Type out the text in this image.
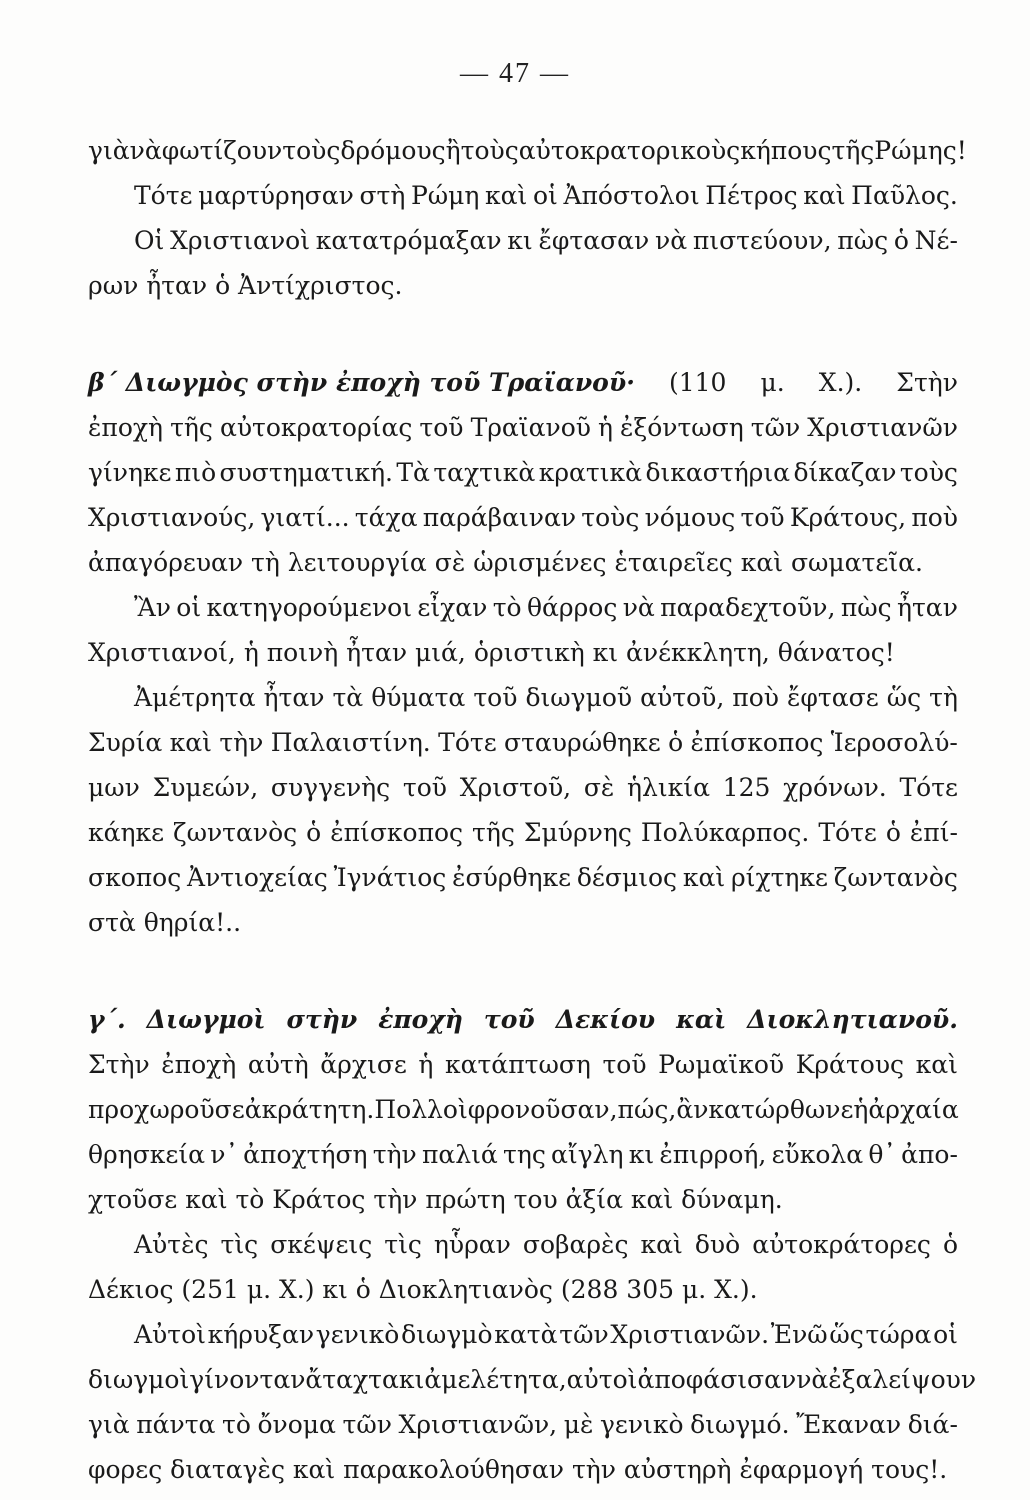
— 47 —
γιὰ νὰ φωτίζουν τοὺς δρόμους ἢ τοὺς αὐτοκρατορικοὺς κήπους τῆς Ρώμης!
Τότε μαρτύρησαν στὴ Ρώμη καὶ οἱ Ἀπόστολοι Πέτρος καὶ Παῦλος.
Οἱ Χριστιανοὶ κατατρόμαξαν κι ἔφτασαν νὰ πιστεύουν, πὼς ὁ Νέ-
ρων ἦταν ὁ Ἀντίχριστος.
β΄ Διωγμὸς στὴν ἐποχὴ τοῦ Τραϊανοῦ· (110 μ. Χ.). Στὴν
ἐποχὴ τῆς αὐτοκρατορίας τοῦ Τραϊανοῦ ἡ ἐξόντωση τῶν Χριστιανῶν
γίνηκε πιὸ συστηματική. Τὰ ταχτικὰ κρατικὰ δικαστήρια δίκαζαν τοὺς
Χριστιανούς, γιατί... τάχα παράβαιναν τοὺς νόμους τοῦ Κράτους, ποὺ
ἀπαγόρευαν τὴ λειτουργία σὲ ὡρισμένες ἑταιρεῖες καὶ σωματεῖα.
Ἂν οἱ κατηγορούμενοι εἶχαν τὸ θάρρος νὰ παραδεχτοῦν, πὼς ἦταν
Χριστιανοί, ἡ ποινὴ ἦταν μιά, ὁριστικὴ κι ἀνέκκλητη, θάνατος!
Ἀμέτρητα ἦταν τὰ θύματα τοῦ διωγμοῦ αὐτοῦ, ποὺ ἔφτασε ὥς τὴ
Συρία καὶ τὴν Παλαιστίνη. Τότε σταυρώθηκε ὁ ἐπίσκοπος Ἱεροσολύ-
μων Συμεών, συγγενὴς τοῦ Χριστοῦ, σὲ ἡλικία 125 χρόνων. Τότε
κάηκε ζωντανὸς ὁ ἐπίσκοπος τῆς Σμύρνης Πολύκαρπος. Τότε ὁ ἐπί-
σκοπος Ἀντιοχείας Ἰγνάτιος ἐσύρθηκε δέσμιος καὶ ρίχτηκε ζωντανὸς
στὰ θηρία!..
γ΄. Διωγμοὶ στὴν ἐποχὴ τοῦ Δεκίου καὶ Διοκλητιανοῦ.
Στὴν ἐποχὴ αὐτὴ ἄρχισε ἡ κατάπτωση τοῦ Ρωμαϊκοῦ Κράτους καὶ
προχωροῦσε ἀκράτητη. Πολλοὶ φρονοῦσαν, πώς, ἂν κατώρθωνε ἡ ἀρχαία
θρησκεία ν᾿ ἀποχτήση τὴν παλιά της αἴγλη κι ἐπιρροή, εὔκολα θ᾿ ἀπο-
χτοῦσε καὶ τὸ Κράτος τὴν πρώτη του ἀξία καὶ δύναμη.
Αὐτὲς τὶς σκέψεις τὶς ηὗραν σοβαρὲς καὶ δυὸ αὐτοκράτορες ὁ
Δέκιος (251 μ. Χ.) κι ὁ Διοκλητιανὸς (288 305 μ. Χ.).
Αὐτοὶ κήρυξαν γενικὸ διωγμὸ κατὰ τῶν Χριστιανῶν. Ἐνῶ ὥς τώρα οἱ
διωγμοὶ γίνονταν ἄταχτα κι ἀμελέτητα, αὐτοὶ ἀποφάσισαν νὰ ἐξαλείψουν
γιὰ πάντα τὸ ὄνομα τῶν Χριστιανῶν, μὲ γενικὸ διωγμό. Ἔκαναν διά-
φορες διαταγὲς καὶ παρακολούθησαν τὴν αὐστηρὴ ἐφαρμογή τους!.
